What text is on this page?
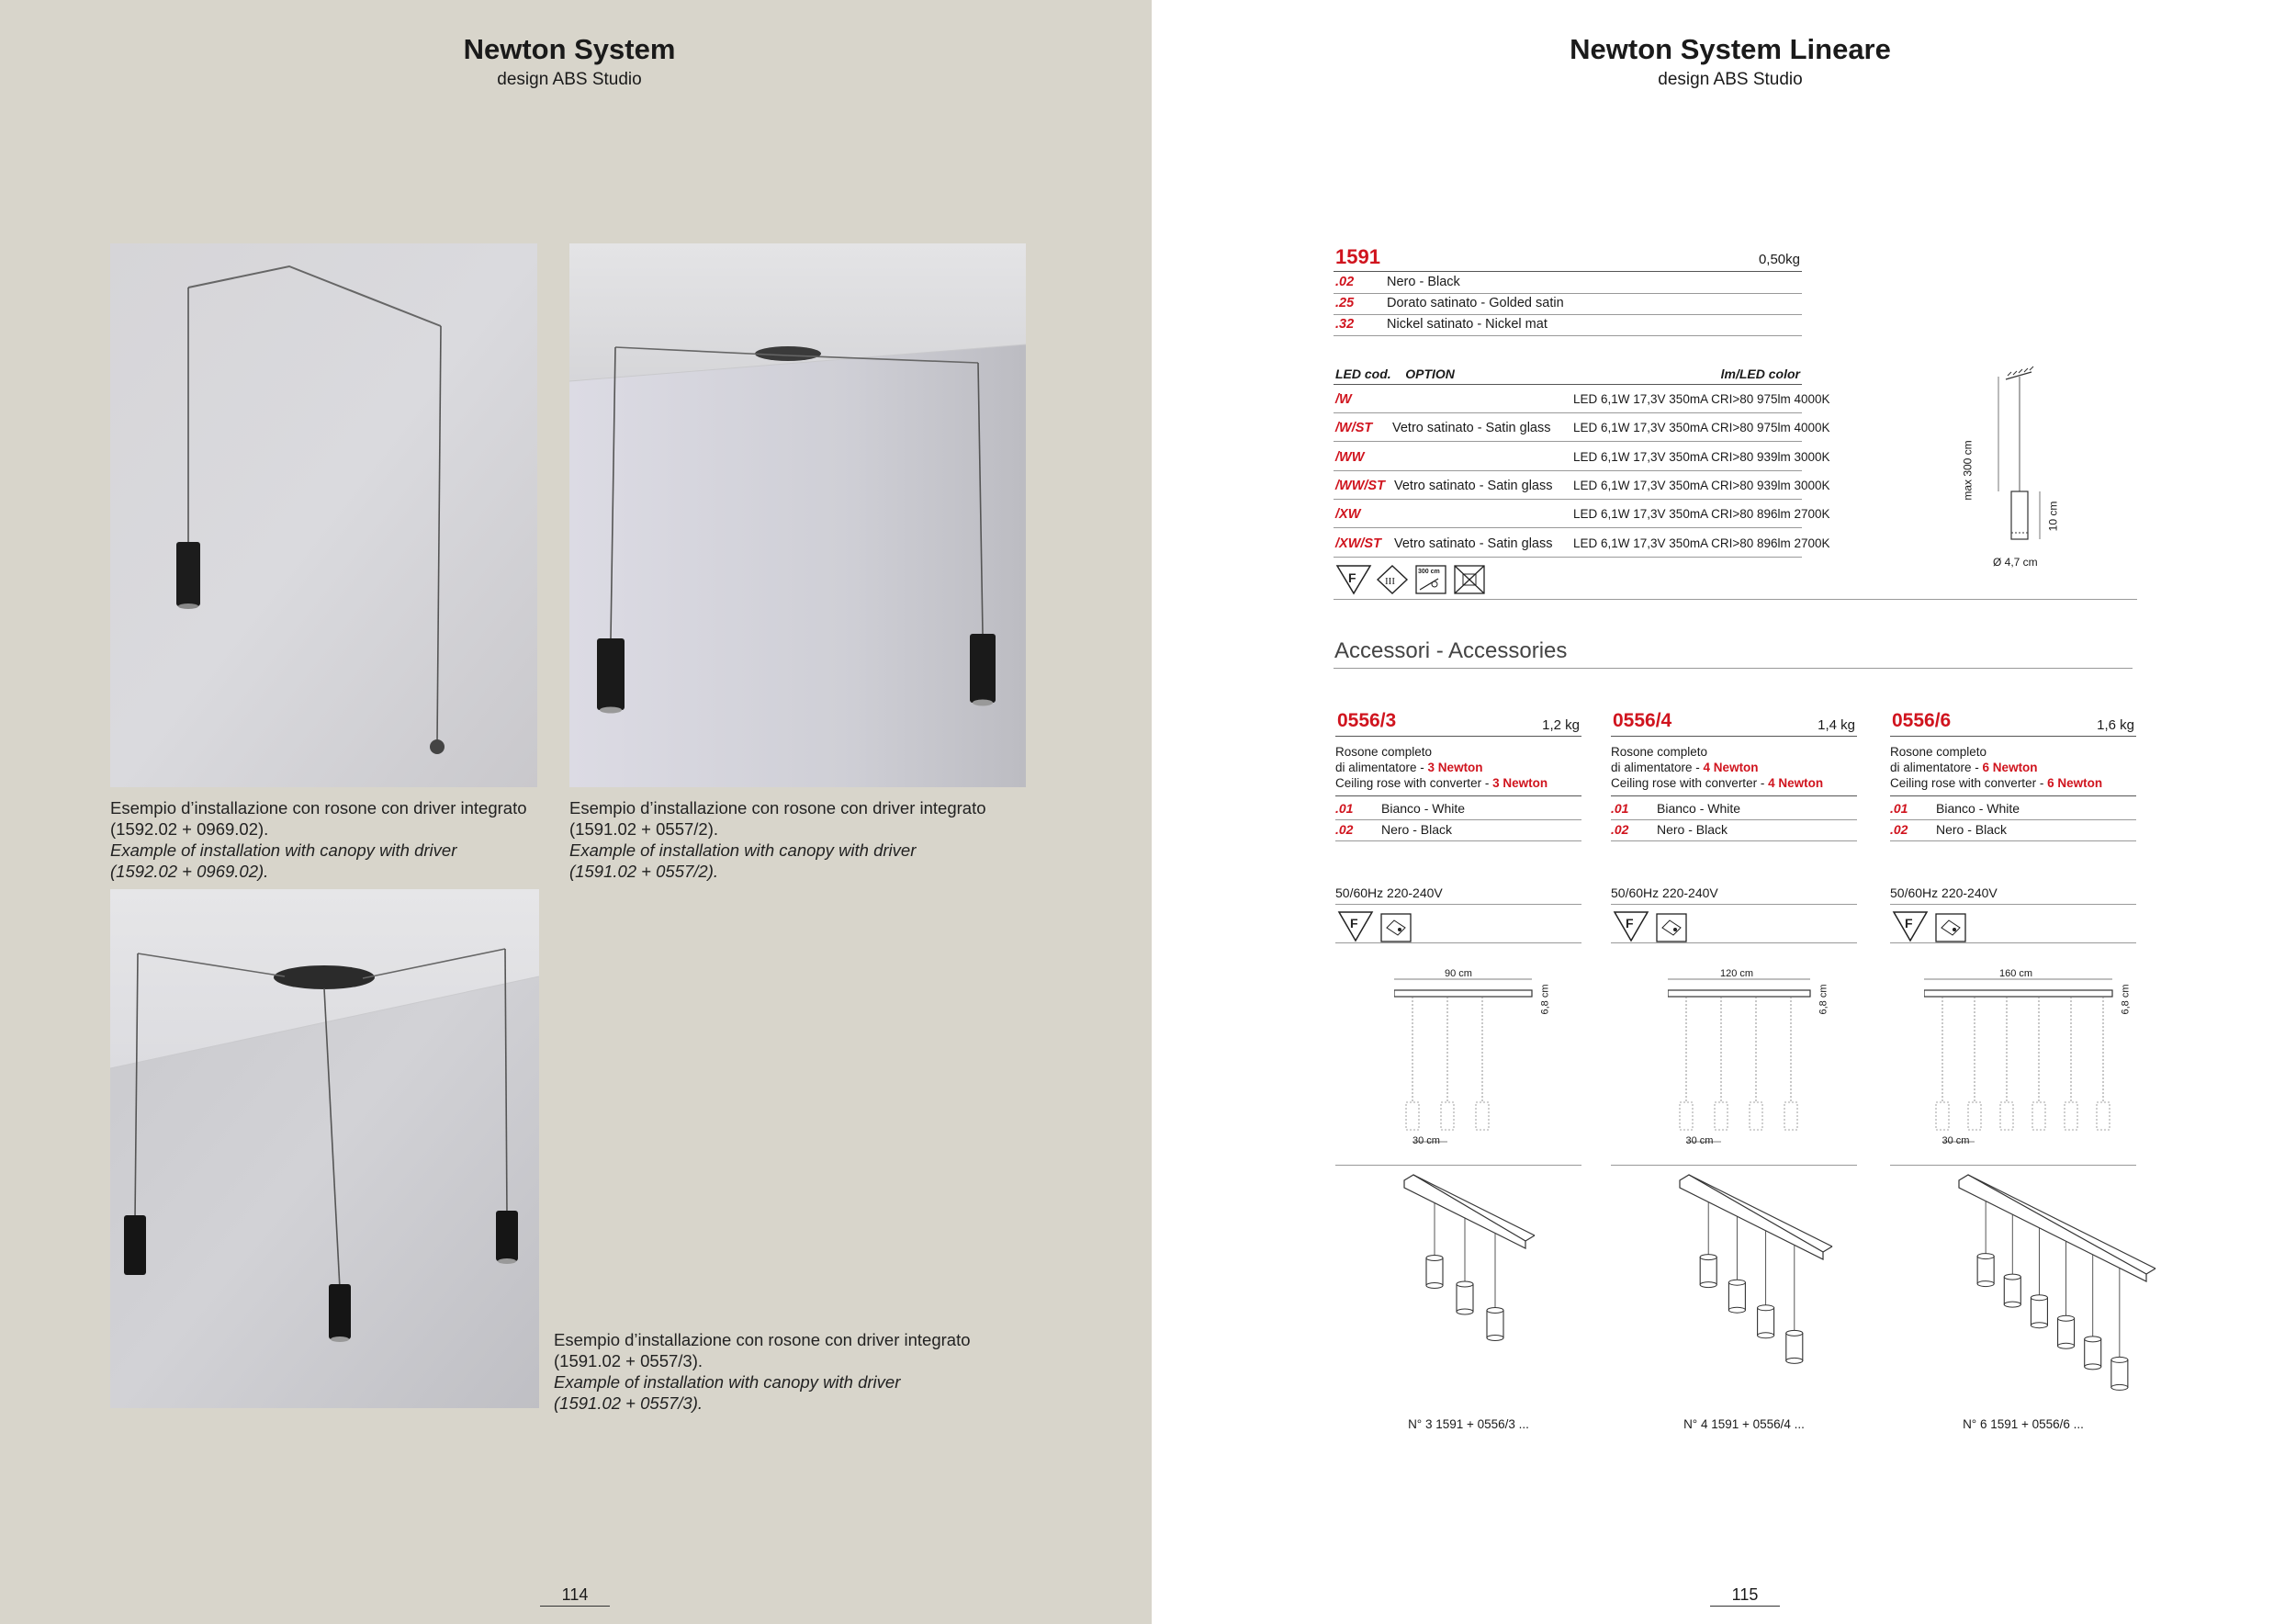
Newton System
design ABS Studio
Esempio d’installazione con rosone con driver integrato
(1592.02 + 0969.02).
Example of installation with canopy with driver
(1592.02 + 0969.02).
Esempio d’installazione con rosone con driver integrato
(1591.02 + 0557/2).
Example of installation with canopy with driver
(1591.02 + 0557/2).
Esempio d’installazione con rosone con driver integrato
(1591.02 + 0557/3).
Example of installation with canopy with driver
(1591.02 + 0557/3).
114
Newton System Lineare
design ABS Studio
1591	0,50kg
.02 Nero - Black
.25 Dorato satinato - Golded satin
.32 Nickel satinato - Nickel mat
LED cod. OPTION	lm/LED color
/W	LED 6,1W 17,3V 350mA CRI>80 975lm 4000K
/W/ST Vetro satinato - Satin glass	LED 6,1W 17,3V 350mA CRI>80 975lm 4000K
/WW	LED 6,1W 17,3V 350mA CRI>80 939lm 3000K
/WW/ST Vetro satinato - Satin glass	LED 6,1W 17,3V 350mA CRI>80 939lm 3000K
/XW	LED 6,1W 17,3V 350mA CRI>80 896lm 2700K
/XW/ST Vetro satinato - Satin glass	LED 6,1W 17,3V 350mA CRI>80 896lm 2700K
F	III
300 cm
max 300 cm
10 cm
Ø 4,7 cm
Accessori - Accessories
0556/3	1,2 kg
Rosone completo
di alimentatore - 3 Newton
Ceiling rose with converter - 3 Newton
.01 Bianco - White
.02 Nero - Black
50/60Hz 220-240V
F
90 cm
6,8 cm
30 cm
N° 3 1591 + 0556/3 ...
0556/4	1,4 kg
Rosone completo
di alimentatore - 4 Newton
Ceiling rose with converter - 4 Newton
.01 Bianco - White
.02 Nero - Black
50/60Hz 220-240V
F
120 cm
6,8 cm
30 cm
N° 4 1591 + 0556/4 ...
0556/6	1,6 kg
Rosone completo
di alimentatore - 6 Newton
Ceiling rose with converter - 6 Newton
.01 Bianco - White
.02 Nero - Black
50/60Hz 220-240V
F
160 cm
6,8 cm
30 cm
N° 6 1591 + 0556/6 ...
115
